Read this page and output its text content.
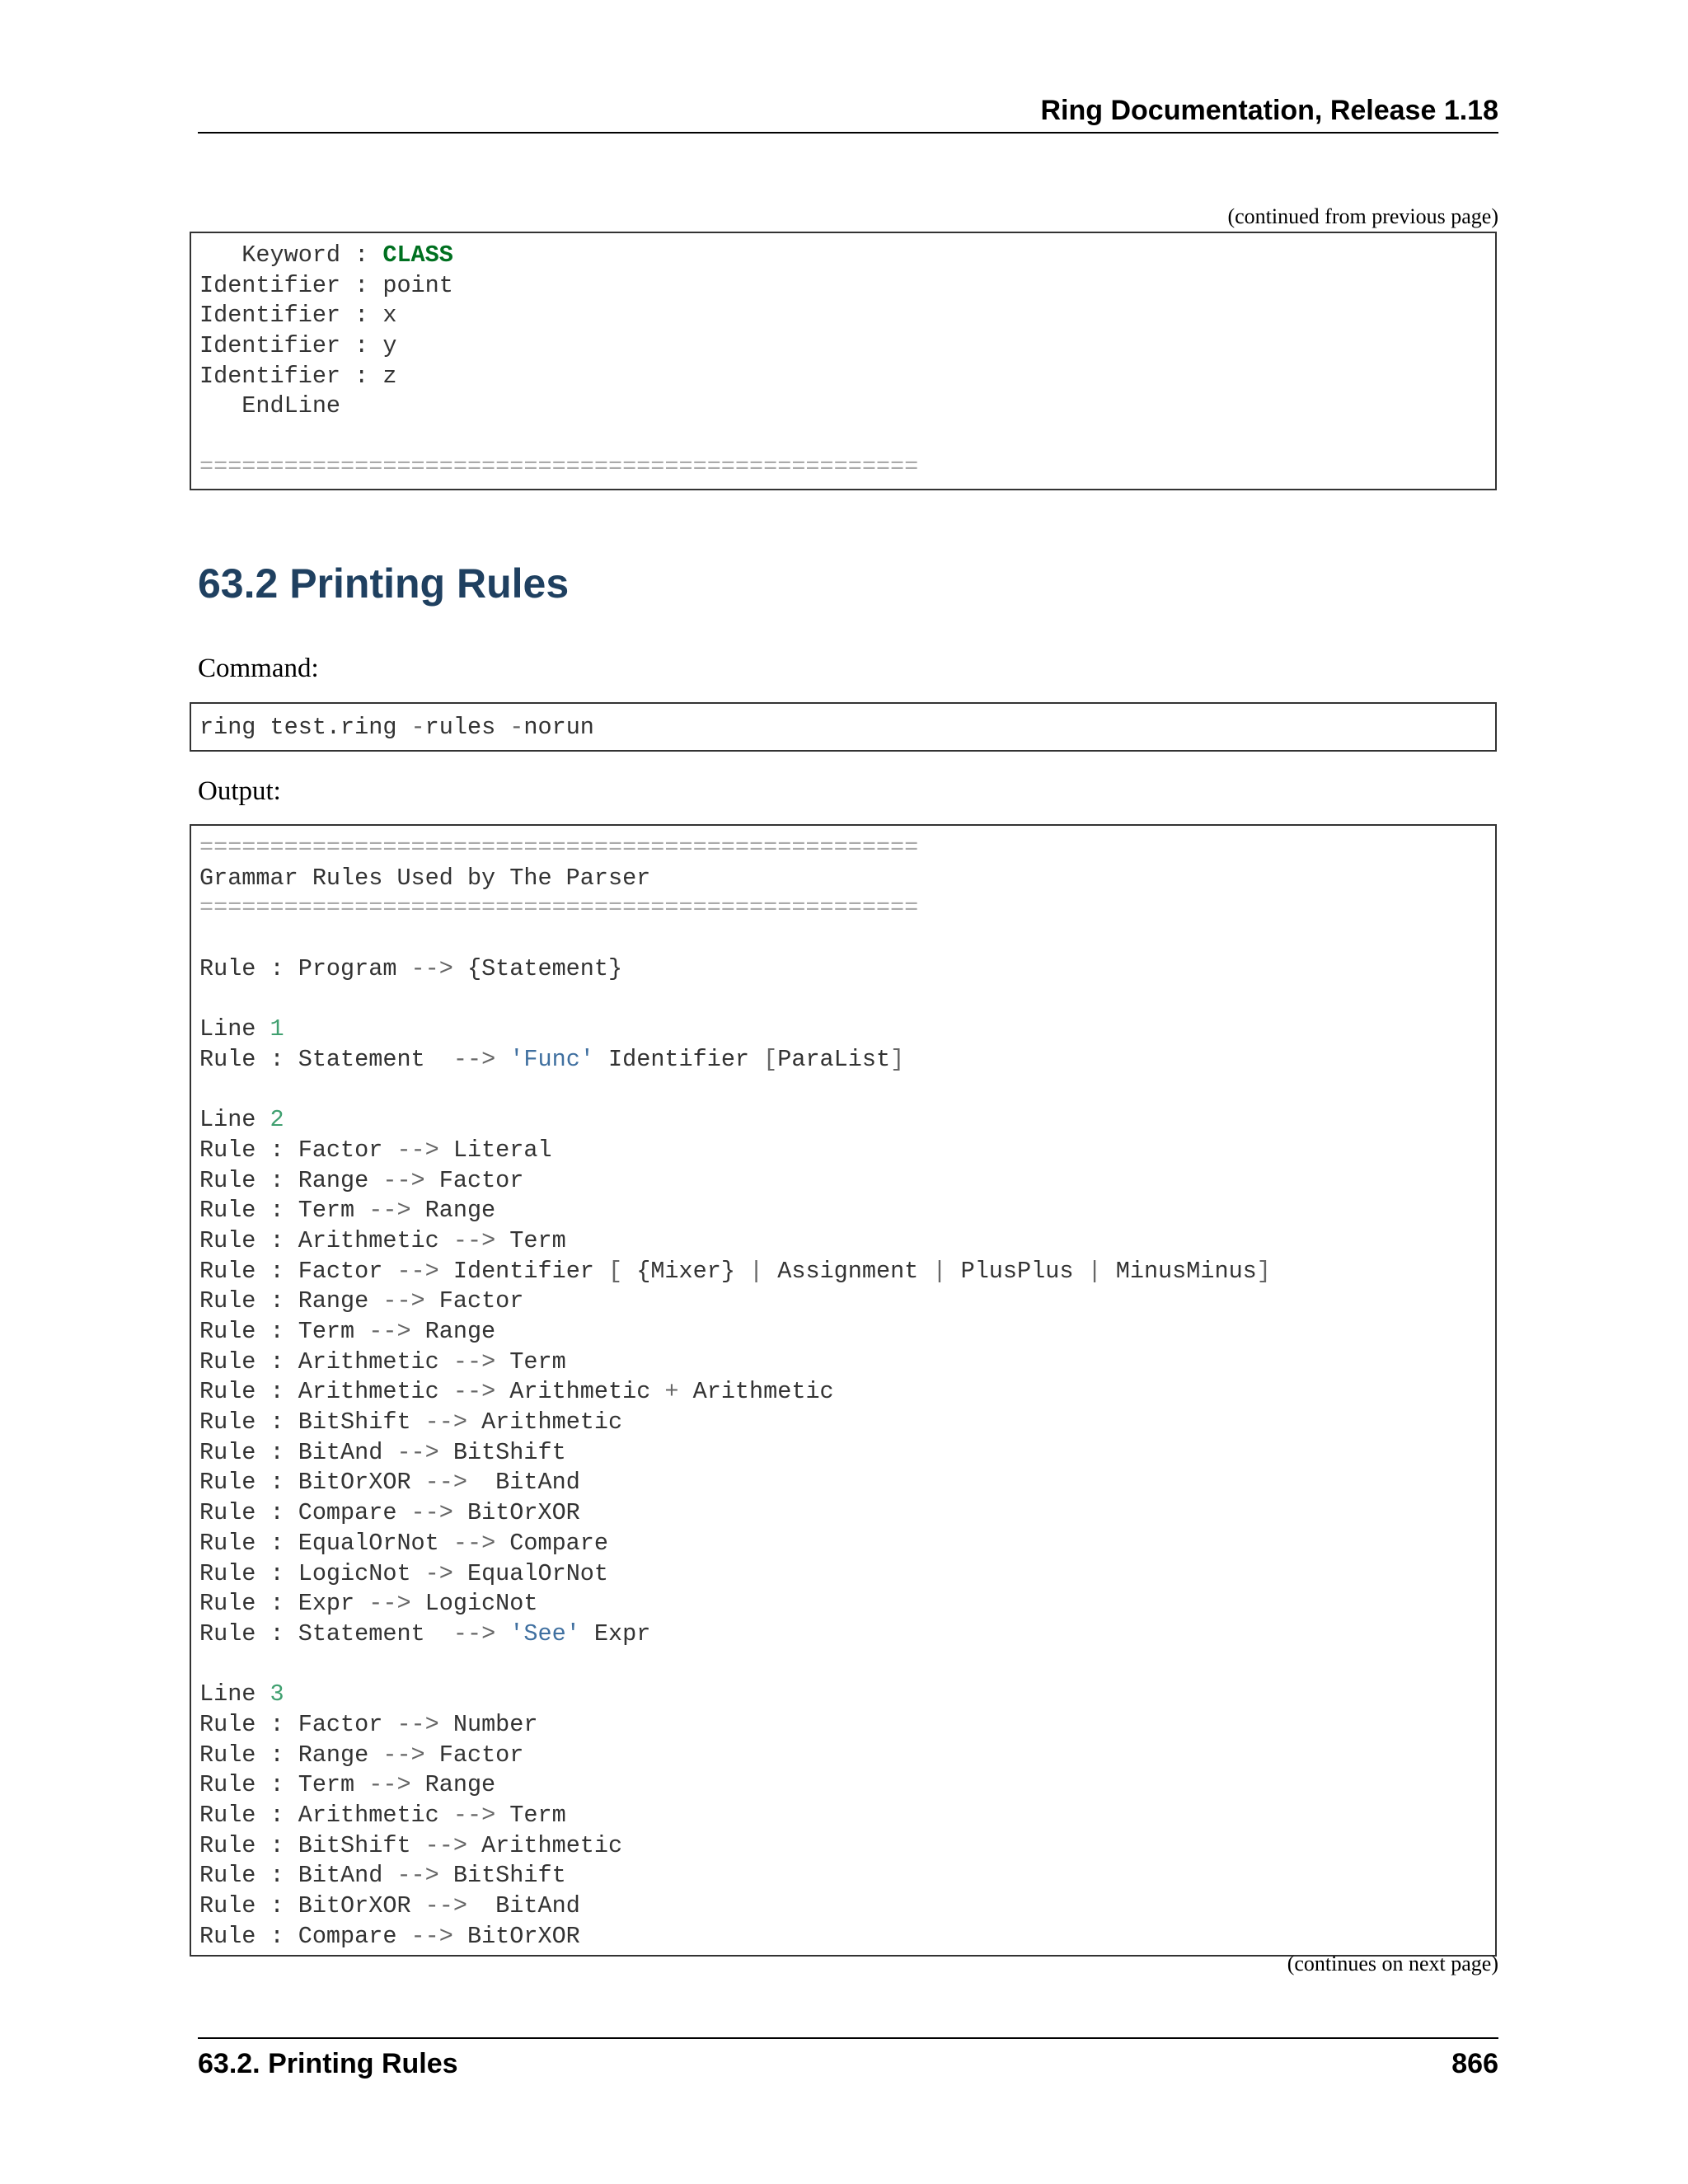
Ring Documentation, Release 1.18
(continued from previous page)
Keyword : CLASS
Identifier : point
Identifier : x
Identifier : y
Identifier : z
EndLine
===================================================
63.2 Printing Rules
Command:
ring test.ring -rules -norun
Output:
===================================================
Grammar Rules Used by The Parser
===================================================
Rule : Program --> {Statement}
Line 1
Rule : Statement  --> 'Func' Identifier [ParaList]
Line 2
Rule : Factor --> Literal
Rule : Range --> Factor
Rule : Term --> Range
Rule : Arithmetic --> Term
Rule : Factor --> Identifier [ {Mixer} | Assignment | PlusPlus | MinusMinus]
Rule : Range --> Factor
Rule : Term --> Range
Rule : Arithmetic --> Term
Rule : Arithmetic --> Arithmetic + Arithmetic
Rule : BitShift --> Arithmetic
Rule : BitAnd --> BitShift
Rule : BitOrXOR -->  BitAnd
Rule : Compare --> BitOrXOR
Rule : EqualOrNot --> Compare
Rule : LogicNot -> EqualOrNot
Rule : Expr --> LogicNot
Rule : Statement  --> 'See' Expr
Line 3
Rule : Factor --> Number
Rule : Range --> Factor
Rule : Term --> Range
Rule : Arithmetic --> Term
Rule : BitShift --> Arithmetic
Rule : BitAnd --> BitShift
Rule : BitOrXOR -->  BitAnd
Rule : Compare --> BitOrXOR
(continues on next page)
63.2. Printing Rules	866
